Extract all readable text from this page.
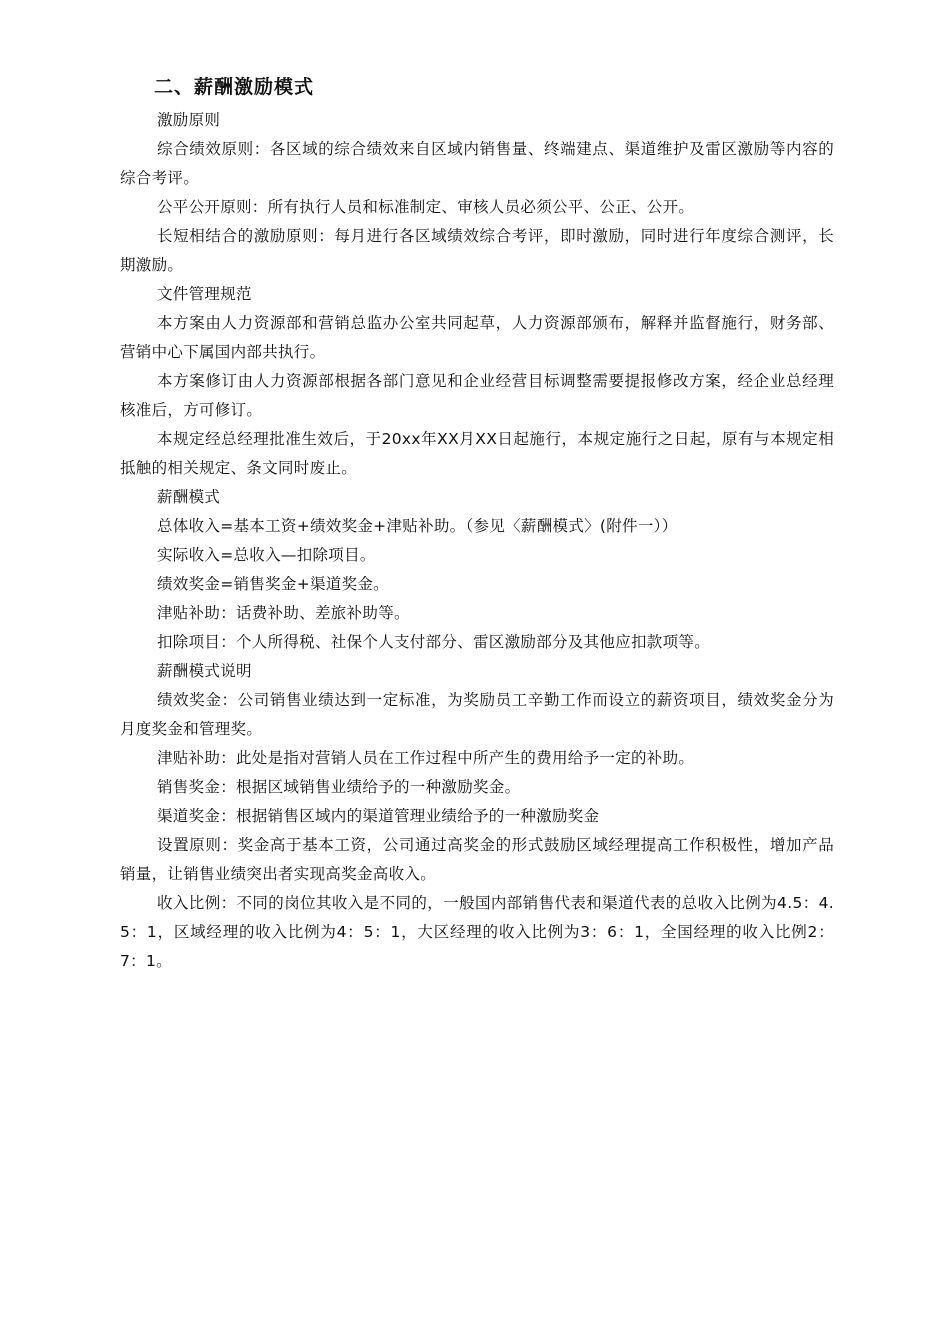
二、薪酬激励模式

激励原则

综合绩效原则：各区域的综合绩效来自区域内销售量、终端建点、渠道维护及雷区激励等内容的综合考评。

公平公开原则：所有执行人员和标准制定、审核人员必须公平、公正、公开。

长短相结合的激励原则：每月进行各区域绩效综合考评，即时激励，同时进行年度综合测评，长期激励。

文件管理规范

本方案由人力资源部和营销总监办公室共同起草，人力资源部颁布，解释并监督施行，财务部、营销中心下属国内部共执行。

本方案修订由人力资源部根据各部门意见和企业经营目标调整需要提报修改方案，经企业总经理核准后，方可修订。

本规定经总经理批准生效后，于20xx年XX月XX日起施行，本规定施行之日起，原有与本规定相抵触的相关规定、条文同时废止。

薪酬模式

总体收入=基本工资+绩效奖金+津贴补助。（参见〈薪酬模式〉(附件一））

实际收入=总收入—扣除项目。

绩效奖金=销售奖金+渠道奖金。

津贴补助：话费补助、差旅补助等。

扣除项目：个人所得税、社保个人支付部分、雷区激励部分及其他应扣款项等。

薪酬模式说明

绩效奖金：公司销售业绩达到一定标准，为奖励员工辛勤工作而设立的薪资项目，绩效奖金分为月度奖金和管理奖。

津贴补助：此处是指对营销人员在工作过程中所产生的费用给予一定的补助。

销售奖金：根据区域销售业绩给予的一种激励奖金。

渠道奖金：根据销售区域内的渠道管理业绩给予的一种激励奖金

设置原则：奖金高于基本工资，公司通过高奖金的形式鼓励区域经理提高工作积极性，增加产品销量，让销售业绩突出者实现高奖金高收入。

收入比例：不同的岗位其收入是不同的，一般国内部销售代表和渠道代表的总收入比例为4.5：4.5：1，区域经理的收入比例为4：5：1，大区经理的收入比例为3：6：1，全国经理的收入比例2：7：1。
